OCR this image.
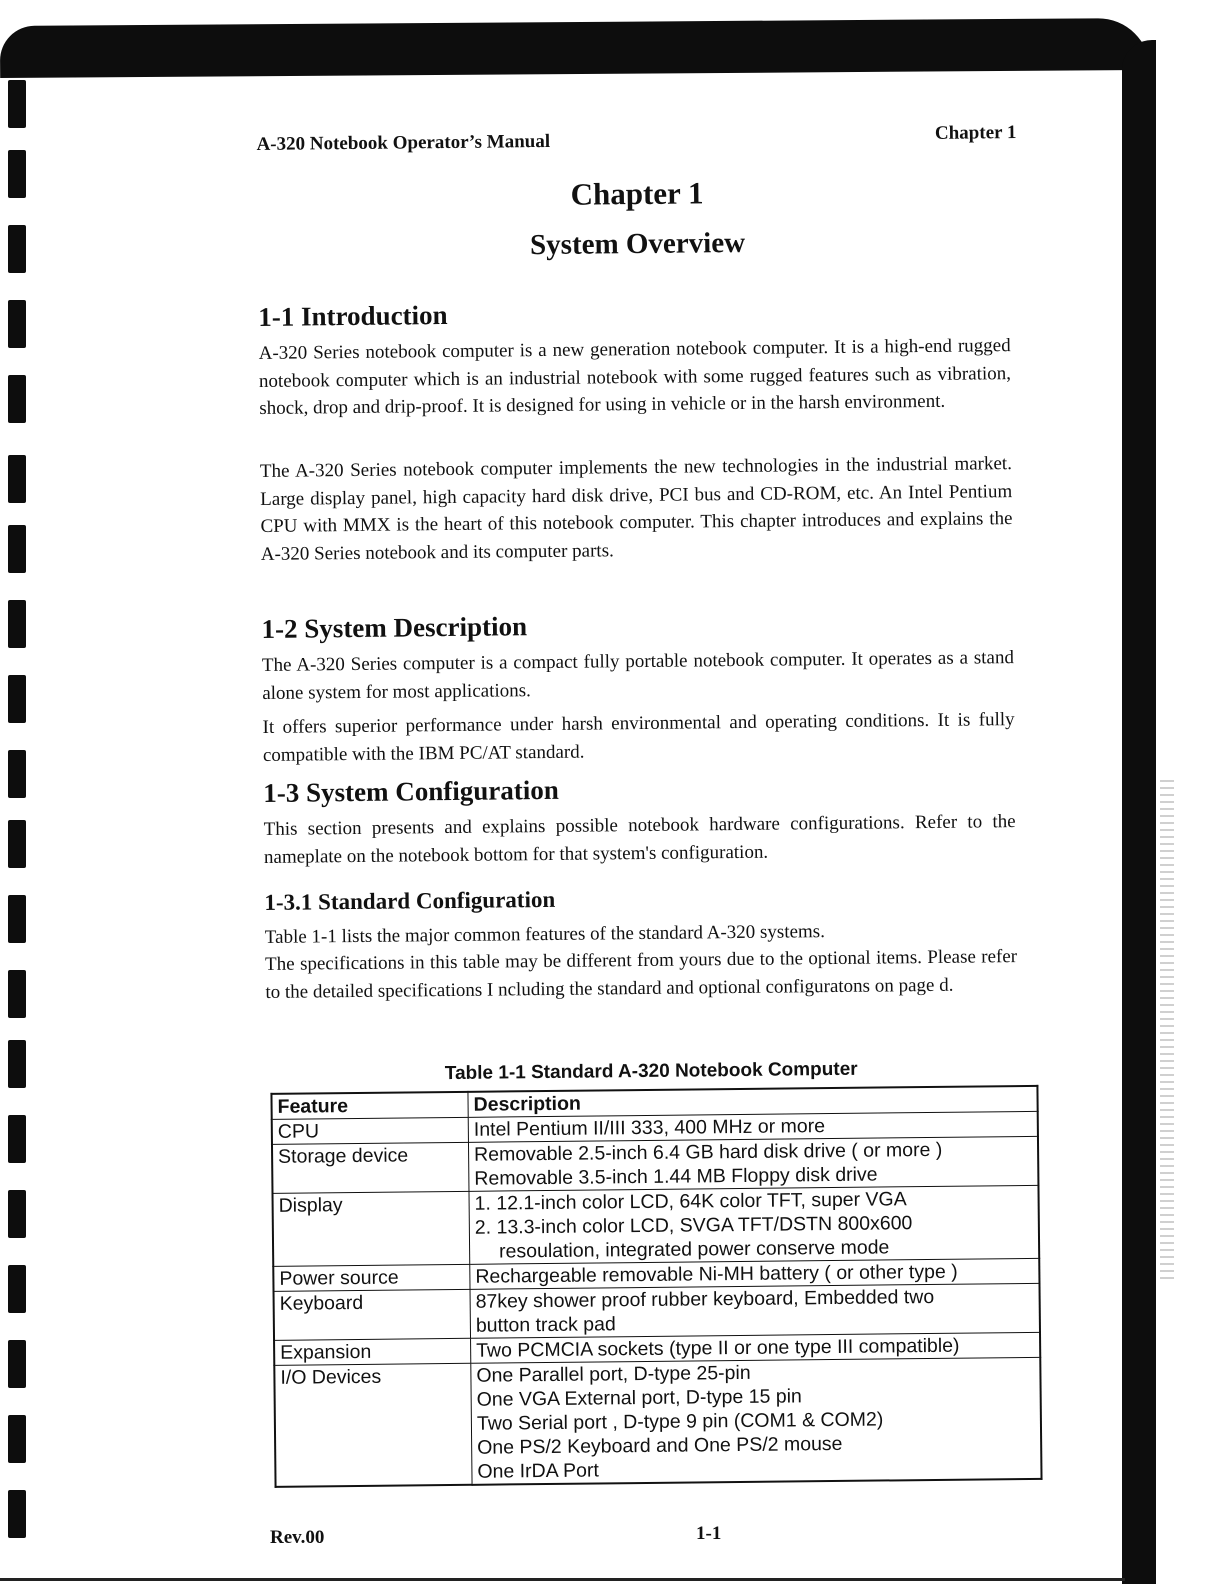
A-320 Notebook Operator’s Manual	Chapter 1
Chapter 1
System Overview
1-1 Introduction

A-320 Series notebook computer is a new generation notebook computer. It is a high-end rugged notebook computer which is an industrial notebook with some rugged features such as vibration, shock, drop and drip-proof. It is designed for using in vehicle or in the harsh environment.

The A-320 Series notebook computer implements the new technologies in the industrial market. Large display panel, high capacity hard disk drive, PCI bus and CD-ROM, etc. An Intel Pentium CPU with MMX is the heart of this notebook computer. This chapter introduces and explains the A-320 Series notebook and its computer parts.

1-2 System Description

The A-320 Series computer is a compact fully portable notebook computer. It operates as a stand alone system for most applications.

It offers superior performance under harsh environmental and operating conditions. It is fully compatible with the IBM PC/AT standard.

1-3 System Configuration

This section presents and explains possible notebook hardware configurations. Refer to the nameplate on the notebook bottom for that system's configuration.

1-3.1 Standard Configuration

Table 1-1 lists the major common features of the standard A-320 systems.

The specifications in this table may be different from yours due to the optional items. Please refer to the detailed specifications I ncluding the standard and optional configuratons on page d.

Table 1-1 Standard A-320 Notebook Computer
Feature	Description
CPU	Intel Pentium II/III 333, 400 MHz or more

Storage device	Removable 2.5-inch 6.4 GB hard disk drive ( or more )
Removable 3.5-inch 1.44 MB Floppy disk drive

Display	1. 12.1-inch color LCD, 64K color TFT, super VGA
2. 13.3-inch color LCD, SVGA TFT/DSTN 800x600
resoulation, integrated power conserve mode

Power source	Rechargeable removable Ni-MH battery ( or other type )

Keyboard	87key shower proof rubber keyboard, Embedded two
button track pad

Expansion	Two PCMCIA sockets (type II or one type III compatible)

I/O Devices	One Parallel port, D-type 25-pin
One VGA External port, D-type 15 pin
Two Serial port , D-type 9 pin (COM1 & COM2)
One PS/2 Keyboard and One PS/2 mouse
One IrDA Port
Rev.00	1-1
